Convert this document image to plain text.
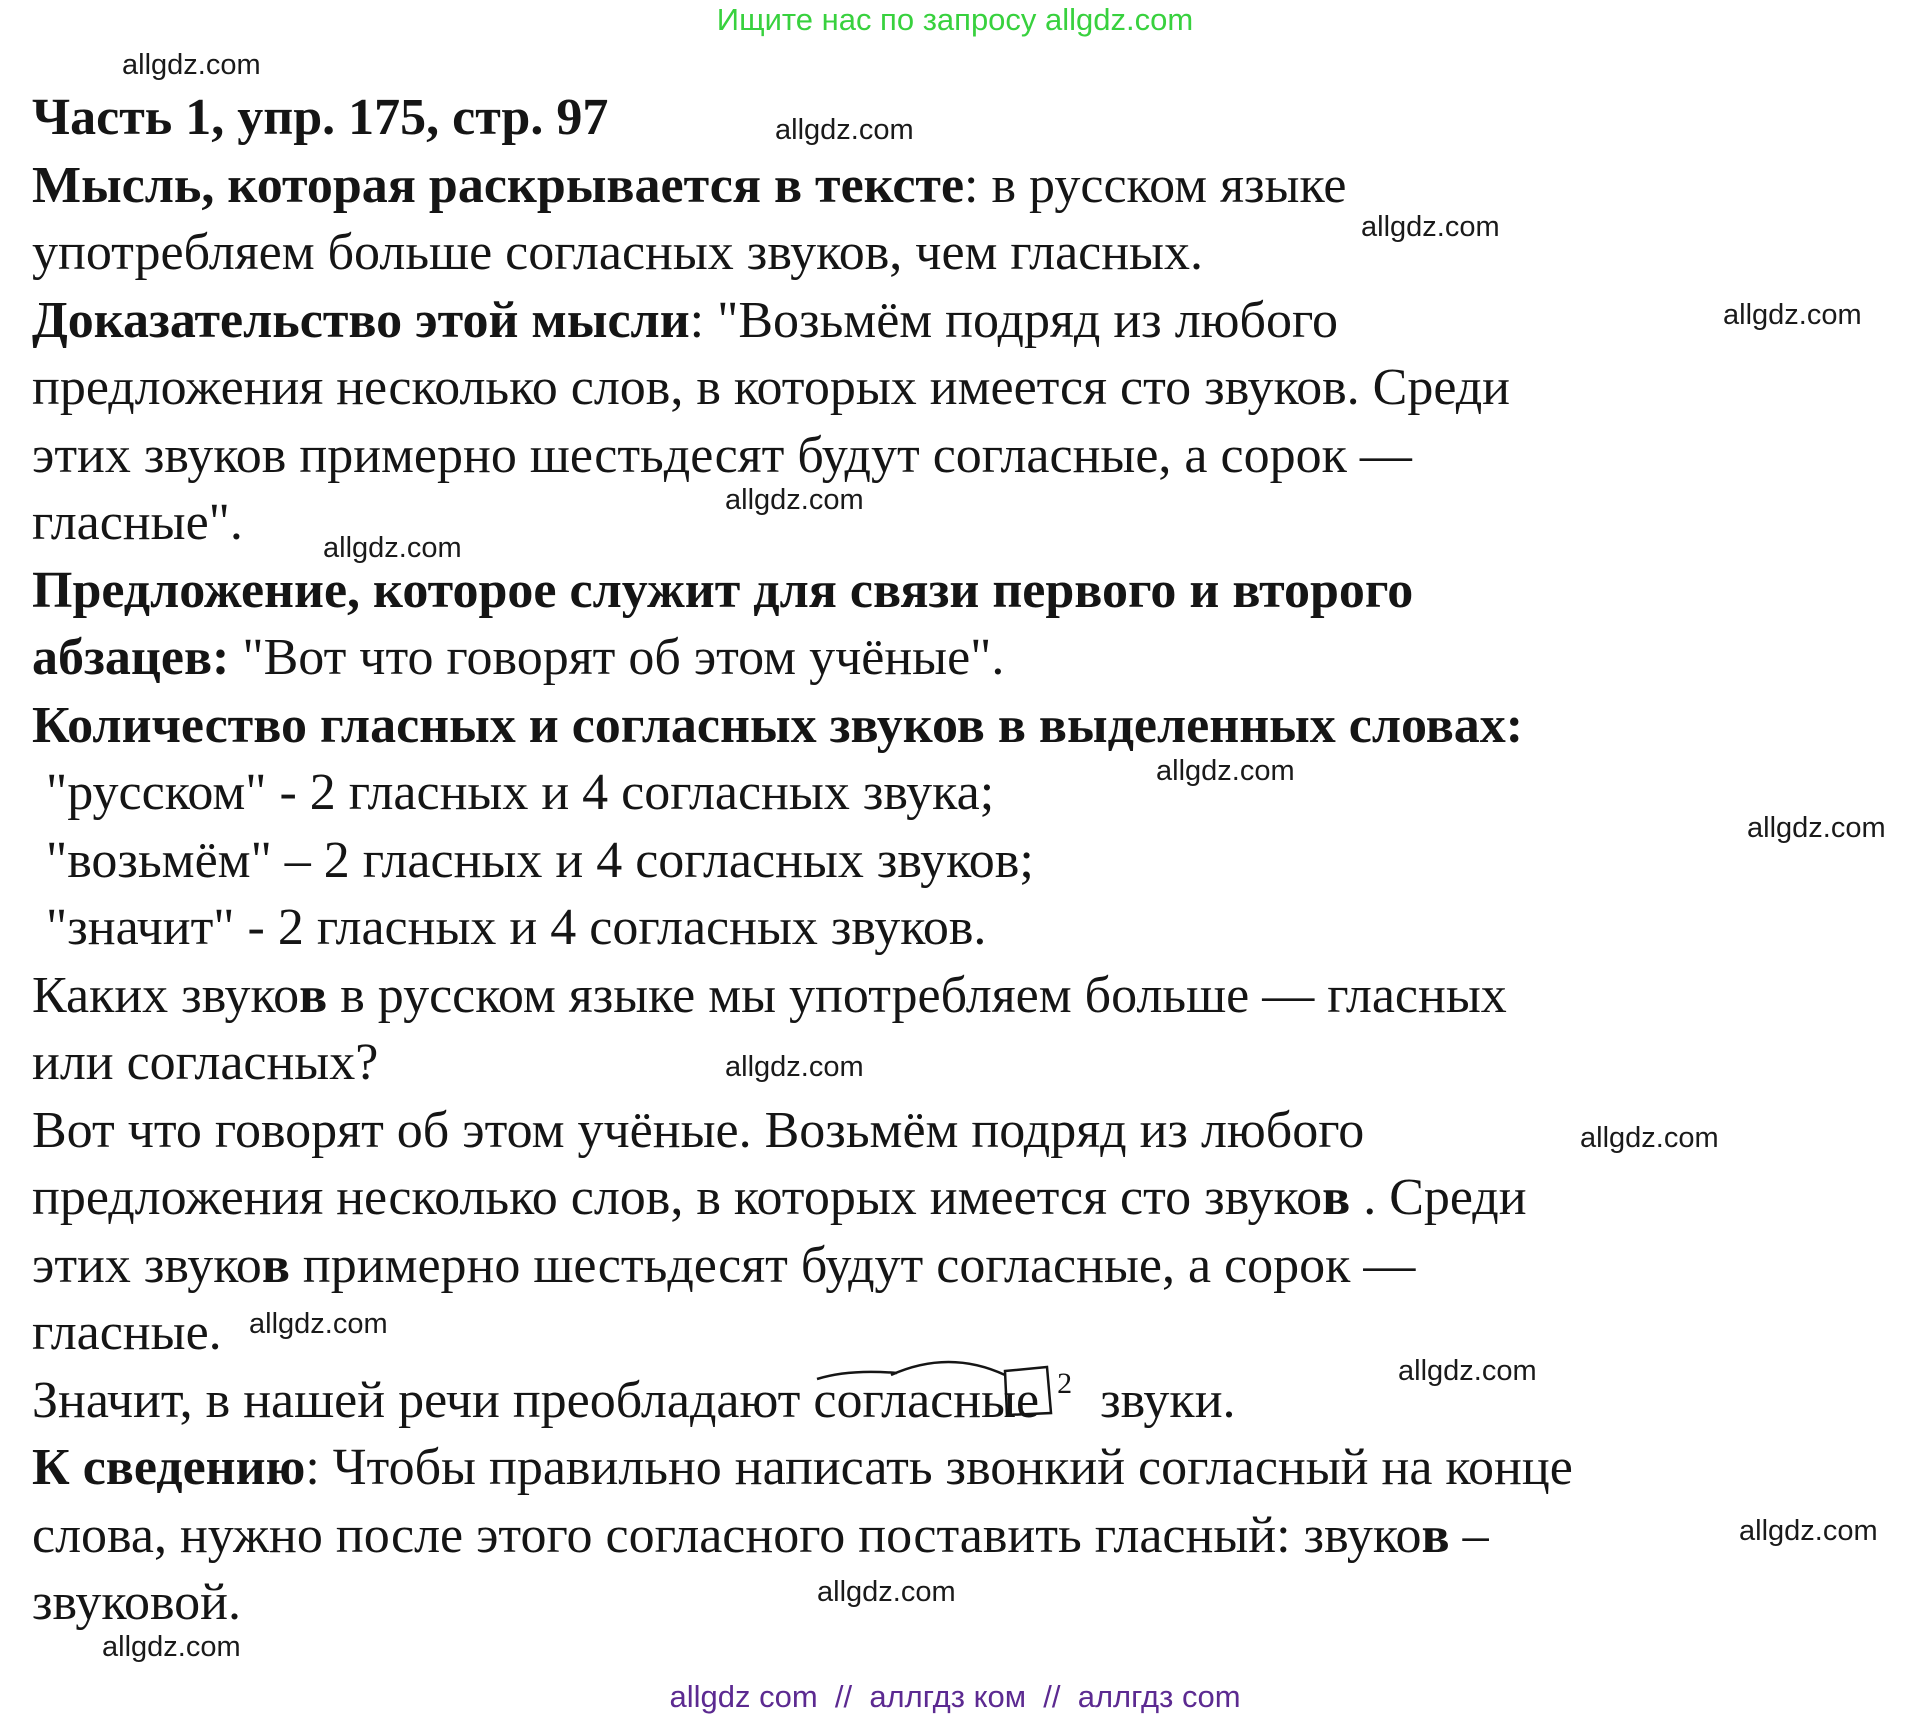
Ищите нас по запросу allgdz.com
allgdz.com
allgdz.com
allgdz.com
allgdz.com
allgdz.com
allgdz.com
allgdz.com
allgdz.com
allgdz.com
allgdz.com
allgdz.com
allgdz.com
allgdz.com
allgdz.com
allgdz.com
Часть 1, упр. 175, стр. 97
Мысль, которая раскрывается в тексте: в русском языке
употребляем больше согласных звуков, чем гласных.
Доказательство этой мысли: "Возьмём подряд из любого
предложения несколько слов, в которых имеется сто звуков. Среди
этих звуков примерно шестьдесят будут согласные, а сорок —
гласные".
Предложение, которое служит для связи первого и второго
абзацев: "Вот что говорят об этом учёные".
Количество гласных и согласных звуков в выделенных словах:
"русском" - 2 гласных и 4 согласных звука;
"возьмём" – 2 гласных и 4 согласных звуков;
"значит" - 2 гласных и 4 согласных звуков.
Каких звуков в русском языке мы употребляем больше — гласных
или согласных?
Вот что говорят об этом учёные. Возьмём подряд из любого
предложения несколько слов, в которых имеется сто звуков . Среди
этих звуков примерно шестьдесят будут согласные, а сорок —
гласные.
Значит, в нашей речи преобладают согласные $^2$ звуки.
К сведению: Чтобы правильно написать звонкий согласный на конце
слова, нужно после этого согласного поставить гласный: звуков –
звуковой.
allgdz com  //  аллгдз ком  //  аллгдз com
